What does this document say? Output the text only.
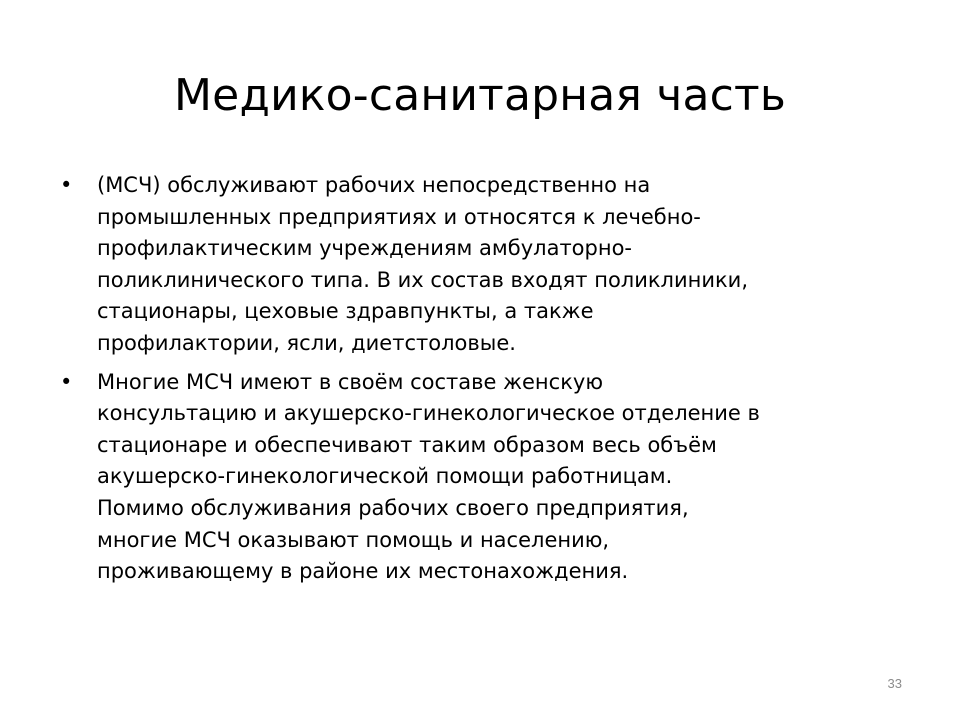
Медико-санитарная часть
•	(МСЧ) обслуживают рабочих непосредственно на
промышленных предприятиях и относятся к лечебно-
профилактическим учреждениям амбулаторно-
поликлинического типа. В их состав входят поликлиники,
стационары, цеховые здравпункты, а также
профилактории, ясли, диетстоловые.
•	Многие МСЧ имеют в своём составе женскую
консультацию и акушерско-гинекологическое отделение в
стационаре и обеспечивают таким образом весь объём
акушерско-гинекологической помощи работницам.
Помимо обслуживания рабочих своего предприятия,
многие МСЧ оказывают помощь и населению,
проживающему в районе их местонахождения.
33
